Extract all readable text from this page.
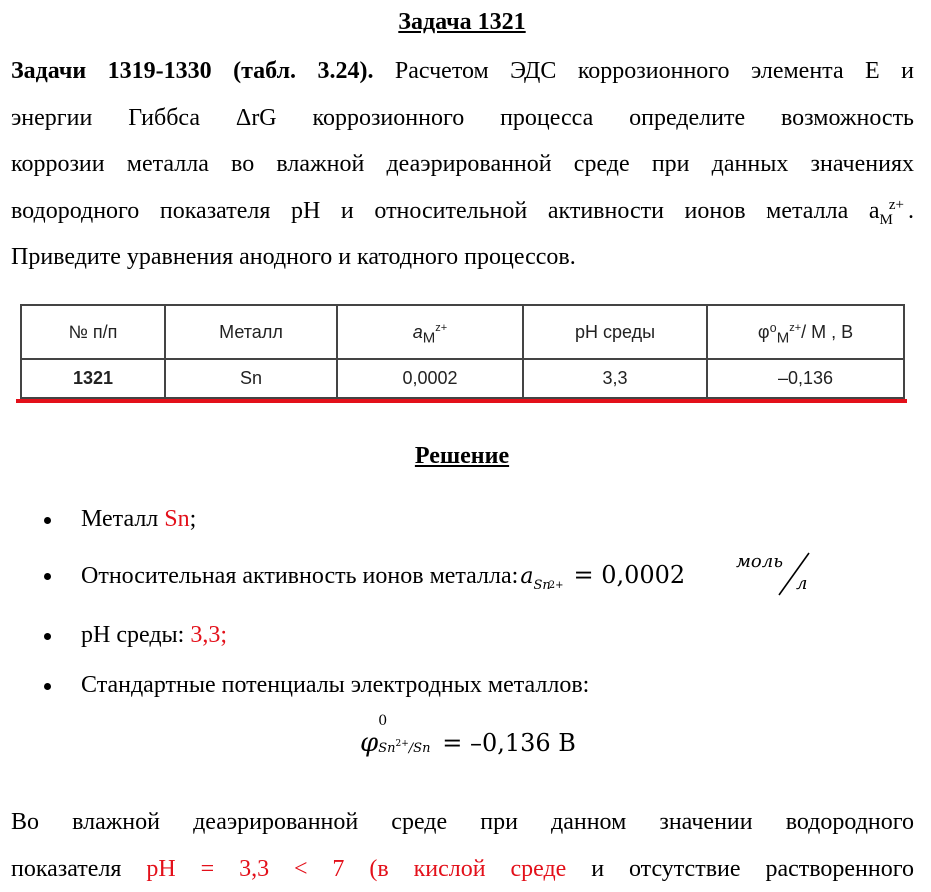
Задача 1321
Задачи 1319-1330 (табл. 3.24). Расчетом ЭДС коррозионного элемента Е и
энергии Гиббса ΔrG коррозионного процесса определите возможность
коррозии металла во влажной деаэрированной среде при данных значениях
водородного показателя рН и относительной активности ионов металла $a_M^{z+}$ .
Приведите уравнения анодного и катодного процессов.
№ п/п	Металл	$a_M^{z+}$	рН среды	$\varphi^0_M^{z+}/$ M , В
1321	Sn	0,0002	3,3	–0,136
Решение
Металл Sn;
Относительная активность ионов $металла:a_{Sn}^{2+} = 0,0002$	моль
л
рН среды: 3,3;
Стандартные потенциалы электродных металлов:
φ
0
$Sn^{2+}/Sn = -0,136$ В
Во влажной деаэрированной среде при данном значении водородного
показателя рН = 3,3 < 7 (в кислой среде и отсутствие растворенного
